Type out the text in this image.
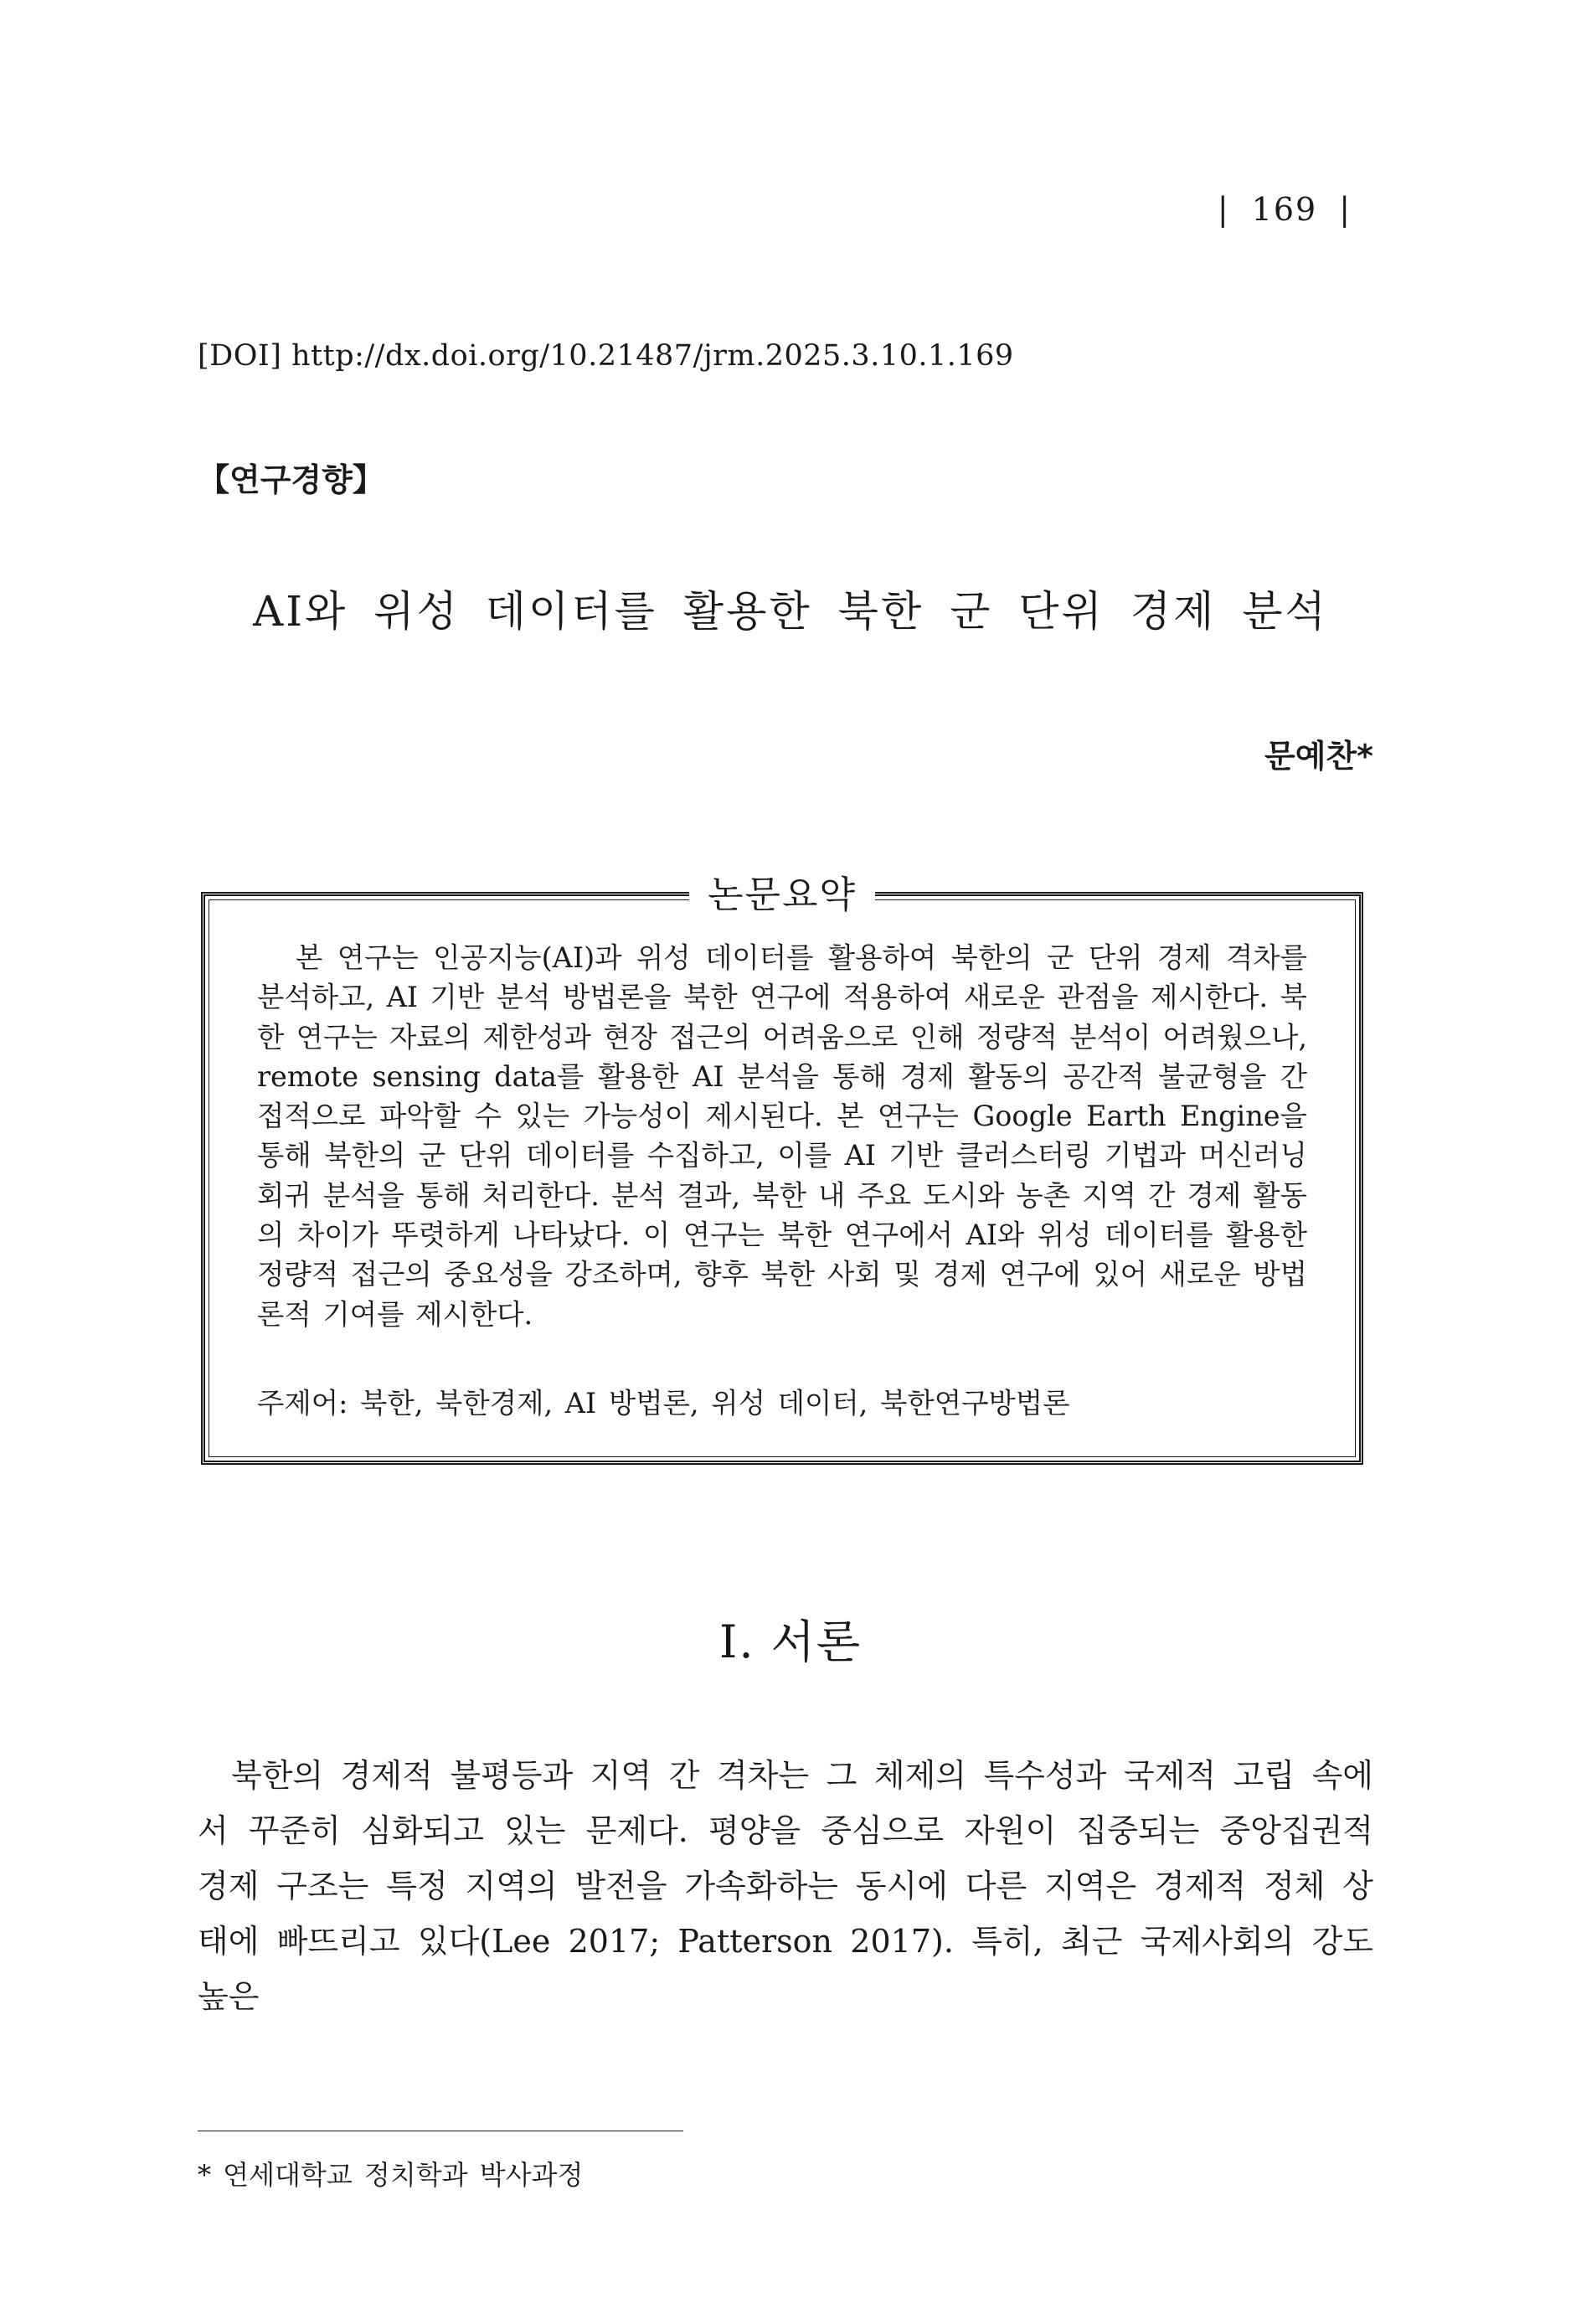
| 169 |
[DOI] http://dx.doi.org/10.21487/jrm.2025.3.10.1.169
【연구경향】
AI와 위성 데이터를 활용한 북한 군 단위 경제 분석
문예찬*
논문요약
본 연구는 인공지능(AI)과 위성 데이터를 활용하여 북한의 군 단위 경제 격차를 분석하고, AI 기반 분석 방법론을 북한 연구에 적용하여 새로운 관점을 제시한다. 북한 연구는 자료의 제한성과 현장 접근의 어려움으로 인해 정량적 분석이 어려웠으나, remote sensing data를 활용한 AI 분석을 통해 경제 활동의 공간적 불균형을 간접적으로 파악할 수 있는 가능성이 제시된다. 본 연구는 Google Earth Engine을 통해 북한의 군 단위 데이터를 수집하고, 이를 AI 기반 클러스터링 기법과 머신러닝 회귀 분석을 통해 처리한다. 분석 결과, 북한 내 주요 도시와 농촌 지역 간 경제 활동의 차이가 뚜렷하게 나타났다. 이 연구는 북한 연구에서 AI와 위성 데이터를 활용한 정량적 접근의 중요성을 강조하며, 향후 북한 사회 및 경제 연구에 있어 새로운 방법론적 기여를 제시한다.
주제어: 북한, 북한경제, AI 방법론, 위성 데이터, 북한연구방법론
Ⅰ. 서론
북한의 경제적 불평등과 지역 간 격차는 그 체제의 특수성과 국제적 고립 속에서 꾸준히 심화되고 있는 문제다. 평양을 중심으로 자원이 집중되는 중앙집권적 경제 구조는 특정 지역의 발전을 가속화하는 동시에 다른 지역은 경제적 정체 상태에 빠뜨리고 있다(Lee 2017; Patterson 2017). 특히, 최근 국제사회의 강도 높은
* 연세대학교 정치학과 박사과정
